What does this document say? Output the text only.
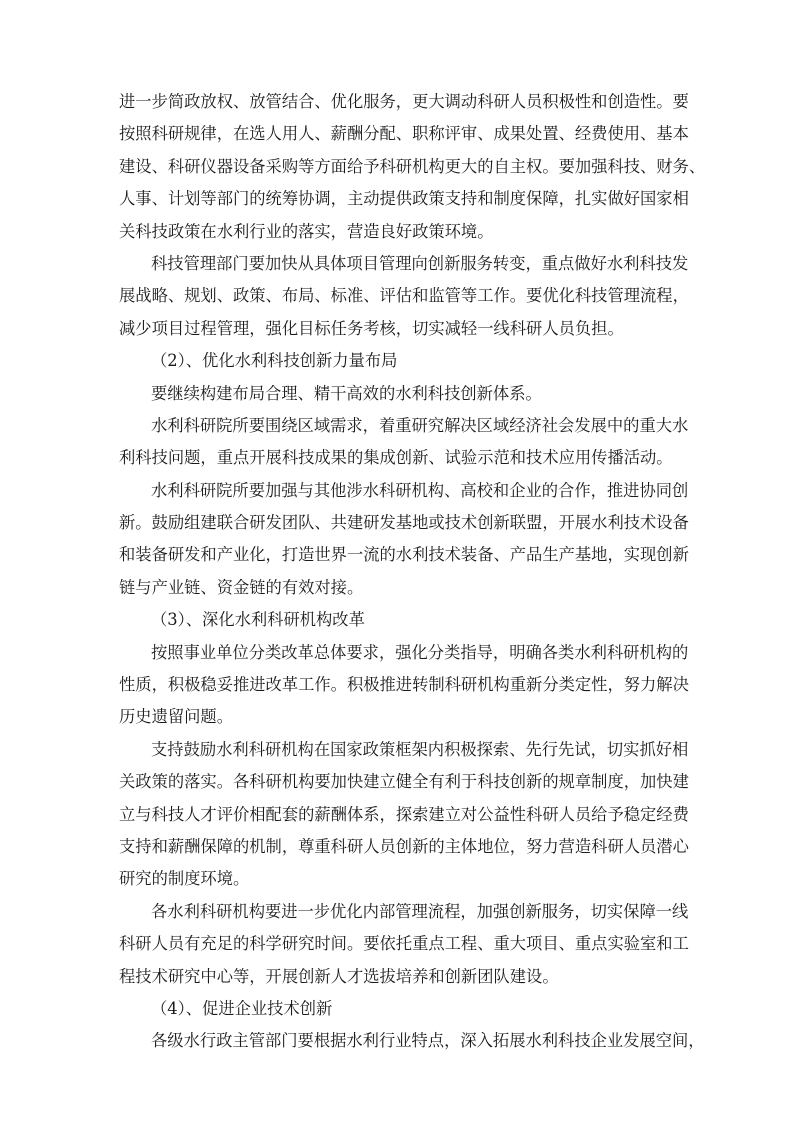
进一步简政放权、放管结合、优化服务，更大调动科研人员积极性和创造性。要
按照科研规律，在选人用人、薪酬分配、职称评审、成果处置、经费使用、基本
建设、科研仪器设备采购等方面给予科研机构更大的自主权。要加强科技、财务、
人事、计划等部门的统筹协调，主动提供政策支持和制度保障，扎实做好国家相
关科技政策在水利行业的落实，营造良好政策环境。
科技管理部门要加快从具体项目管理向创新服务转变，重点做好水利科技发
展战略、规划、政策、布局、标准、评估和监管等工作。要优化科技管理流程，
减少项目过程管理，强化目标任务考核，切实减轻一线科研人员负担。
（2）、优化水利科技创新力量布局
要继续构建布局合理、精干高效的水利科技创新体系。
水利科研院所要围绕区域需求，着重研究解决区域经济社会发展中的重大水
利科技问题，重点开展科技成果的集成创新、试验示范和技术应用传播活动。
水利科研院所要加强与其他涉水科研机构、高校和企业的合作，推进协同创
新。鼓励组建联合研发团队、共建研发基地或技术创新联盟，开展水利技术设备
和装备研发和产业化，打造世界一流的水利技术装备、产品生产基地，实现创新
链与产业链、资金链的有效对接。
（3）、深化水利科研机构改革
按照事业单位分类改革总体要求，强化分类指导，明确各类水利科研机构的
性质，积极稳妥推进改革工作。积极推进转制科研机构重新分类定性，努力解决
历史遗留问题。
支持鼓励水利科研机构在国家政策框架内积极探索、先行先试，切实抓好相
关政策的落实。各科研机构要加快建立健全有利于科技创新的规章制度，加快建
立与科技人才评价相配套的薪酬体系，探索建立对公益性科研人员给予稳定经费
支持和薪酬保障的机制，尊重科研人员创新的主体地位，努力营造科研人员潜心
研究的制度环境。
各水利科研机构要进一步优化内部管理流程，加强创新服务，切实保障一线
科研人员有充足的科学研究时间。要依托重点工程、重大项目、重点实验室和工
程技术研究中心等，开展创新人才选拔培养和创新团队建设。
（4）、促进企业技术创新
各级水行政主管部门要根据水利行业特点，深入拓展水利科技企业发展空间，
